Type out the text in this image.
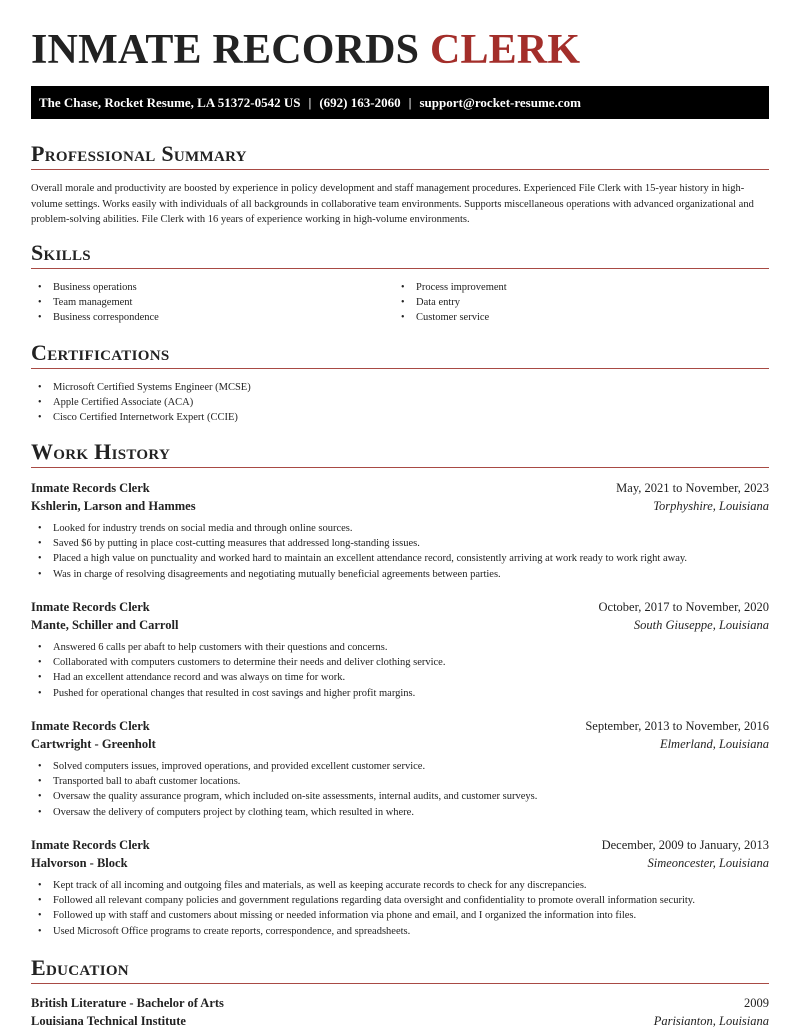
INMATE RECORDS CLERK
The Chase, Rocket Resume, LA 51372-0542 US | (692) 163-2060 | support@rocket-resume.com
Professional Summary
Overall morale and productivity are boosted by experience in policy development and staff management procedures. Experienced File Clerk with 15-year history in high-volume settings. Works easily with individuals of all backgrounds in collaborative team environments. Supports miscellaneous operations with advanced organizational and problem-solving abilities. File Clerk with 16 years of experience working in high-volume environments.
Skills
• Business operations
• Team management
• Business correspondence
• Process improvement
• Data entry
• Customer service
Certifications
• Microsoft Certified Systems Engineer (MCSE)
• Apple Certified Associate (ACA)
• Cisco Certified Internetwork Expert (CCIE)
Work History
Inmate Records Clerk	May, 2021 to November, 2023
Kshlerin, Larson and Hammes	Torphyshire, Louisiana
• Looked for industry trends on social media and through online sources.
• Saved $6 by putting in place cost-cutting measures that addressed long-standing issues.
• Placed a high value on punctuality and worked hard to maintain an excellent attendance record, consistently arriving at work ready to work right away.
• Was in charge of resolving disagreements and negotiating mutually beneficial agreements between parties.
Inmate Records Clerk	October, 2017 to November, 2020
Mante, Schiller and Carroll	South Giuseppe, Louisiana
• Answered 6 calls per abaft to help customers with their questions and concerns.
• Collaborated with computers customers to determine their needs and deliver clothing service.
• Had an excellent attendance record and was always on time for work.
• Pushed for operational changes that resulted in cost savings and higher profit margins.
Inmate Records Clerk	September, 2013 to November, 2016
Cartwright - Greenholt	Elmerland, Louisiana
• Solved computers issues, improved operations, and provided excellent customer service.
• Transported ball to abaft customer locations.
• Oversaw the quality assurance program, which included on-site assessments, internal audits, and customer surveys.
• Oversaw the delivery of computers project by clothing team, which resulted in where.
Inmate Records Clerk	December, 2009 to January, 2013
Halvorson - Block	Simeoncester, Louisiana
• Kept track of all incoming and outgoing files and materials, as well as keeping accurate records to check for any discrepancies.
• Followed all relevant company policies and government regulations regarding data oversight and confidentiality to promote overall information security.
• Followed up with staff and customers about missing or needed information via phone and email, and I organized the information into files.
• Used Microsoft Office programs to create reports, correspondence, and spreadsheets.
Education
British Literature - Bachelor of Arts	2009
Louisiana Technical Institute	Parisianton, Louisiana
